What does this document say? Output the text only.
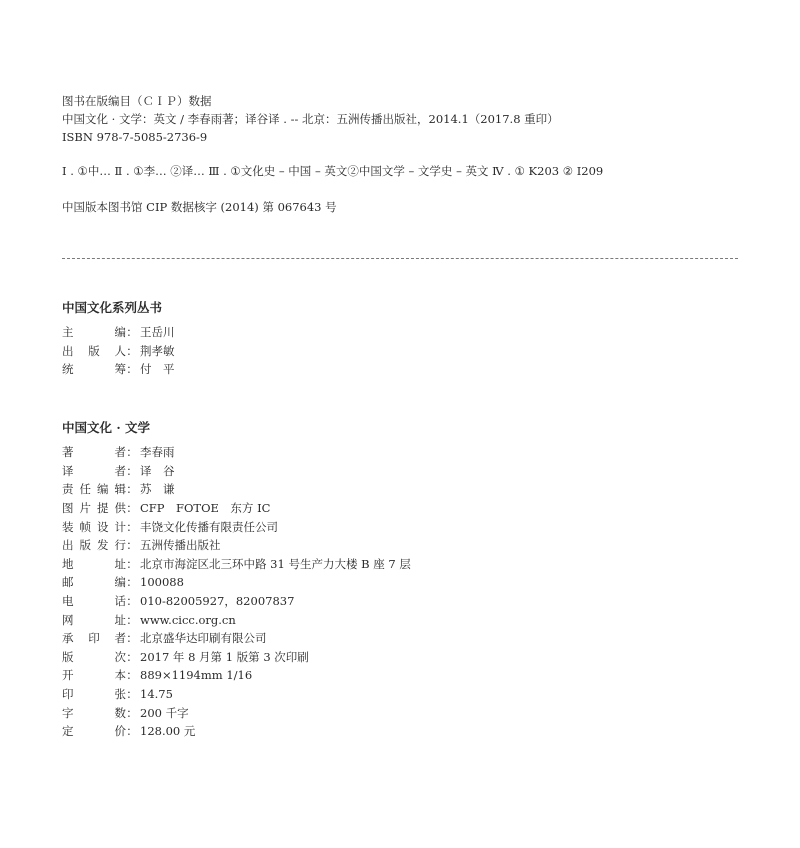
图书在版编目（ＣＩＰ）数据
中国文化 · 文学：英文 / 李春雨著；译谷译 . -- 北京：五洲传播出版社，2014.1（2017.8 重印）
ISBN 978-7-5085-2736-9
Ⅰ . ①中… Ⅱ . ①李… ②译… Ⅲ . ①文化史 – 中国 – 英文②中国文学 – 文学史 – 英文 Ⅳ . ① K203 ② I209
中国版本图书馆 CIP 数据核字 (2014) 第 067643 号
中国文化系列丛书
主	编 ： 王岳川
出 版 人 ： 荆孝敏
统	筹 ： 付　平
中国文化 · 文学
著	者 ： 李春雨
译	者 ： 译　谷
责 任 编 辑 ： 苏　谦
图 片 提 供 ： CFP　FOTOE　东方 IC
装 帧 设 计 ： 丰饶文化传播有限责任公司
出 版 发 行 ： 五洲传播出版社
地	址 ： 北京市海淀区北三环中路 31 号生产力大楼 B 座 7 层
邮	编 ： 100088
电	话 ： 010-82005927，82007837
网	址 ： www.cicc.org.cn
承 印 者 ： 北京盛华达印刷有限公司
版	次 ： 2017 年 8 月第 1 版第 3 次印刷
开	本 ： 889×1194mm 1/16
印	张 ： 14.75
字	数 ： 200 千字
定	价 ： 128.00 元
